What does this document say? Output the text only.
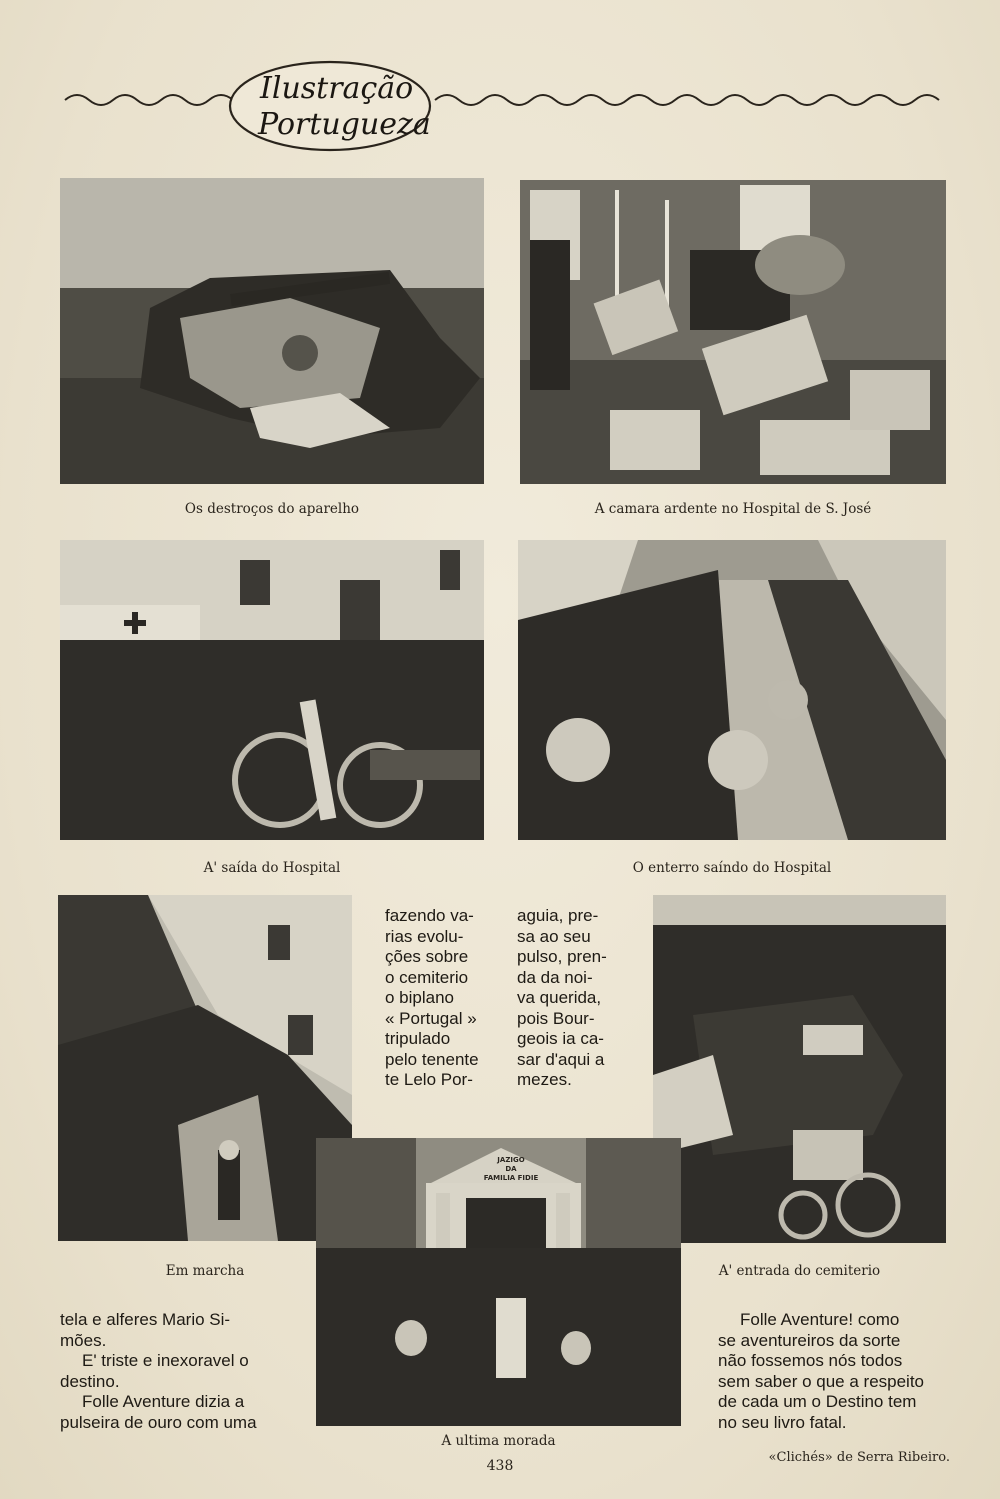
Ilustração
Portugueza
Os destroços do aparelho	A camara ardente no Hospital de S. José
A' saída do Hospital	O enterro saíndo do Hospital
Em marcha

fazendo va-

rias evolu-

ções sobre

o cemiterio

o biplano

« Portugal »

tripulado

pelo tenente

te Lelo Por-

aguia, pre-

sa ao seu

pulso, pren-

da da noi-

va querida,

pois Bour-

geois ia ca-

sar d'aqui a

mezes.

A' entrada do cemiterio
JAZIGO
DA
FAMILIA FIDIE
A ultima morada

tela e alferes Mario Si-

mões.

E' triste e inexoravel o

destino.

Folle Aventure dizia a

pulseira de ouro com uma

Folle Aventure! como

se aventureiros da sorte

não fossemos nós todos

sem saber o que a respeito

de cada um o Destino tem

no seu livro fatal.

438
«Clichés» de Serra Ribeiro.
